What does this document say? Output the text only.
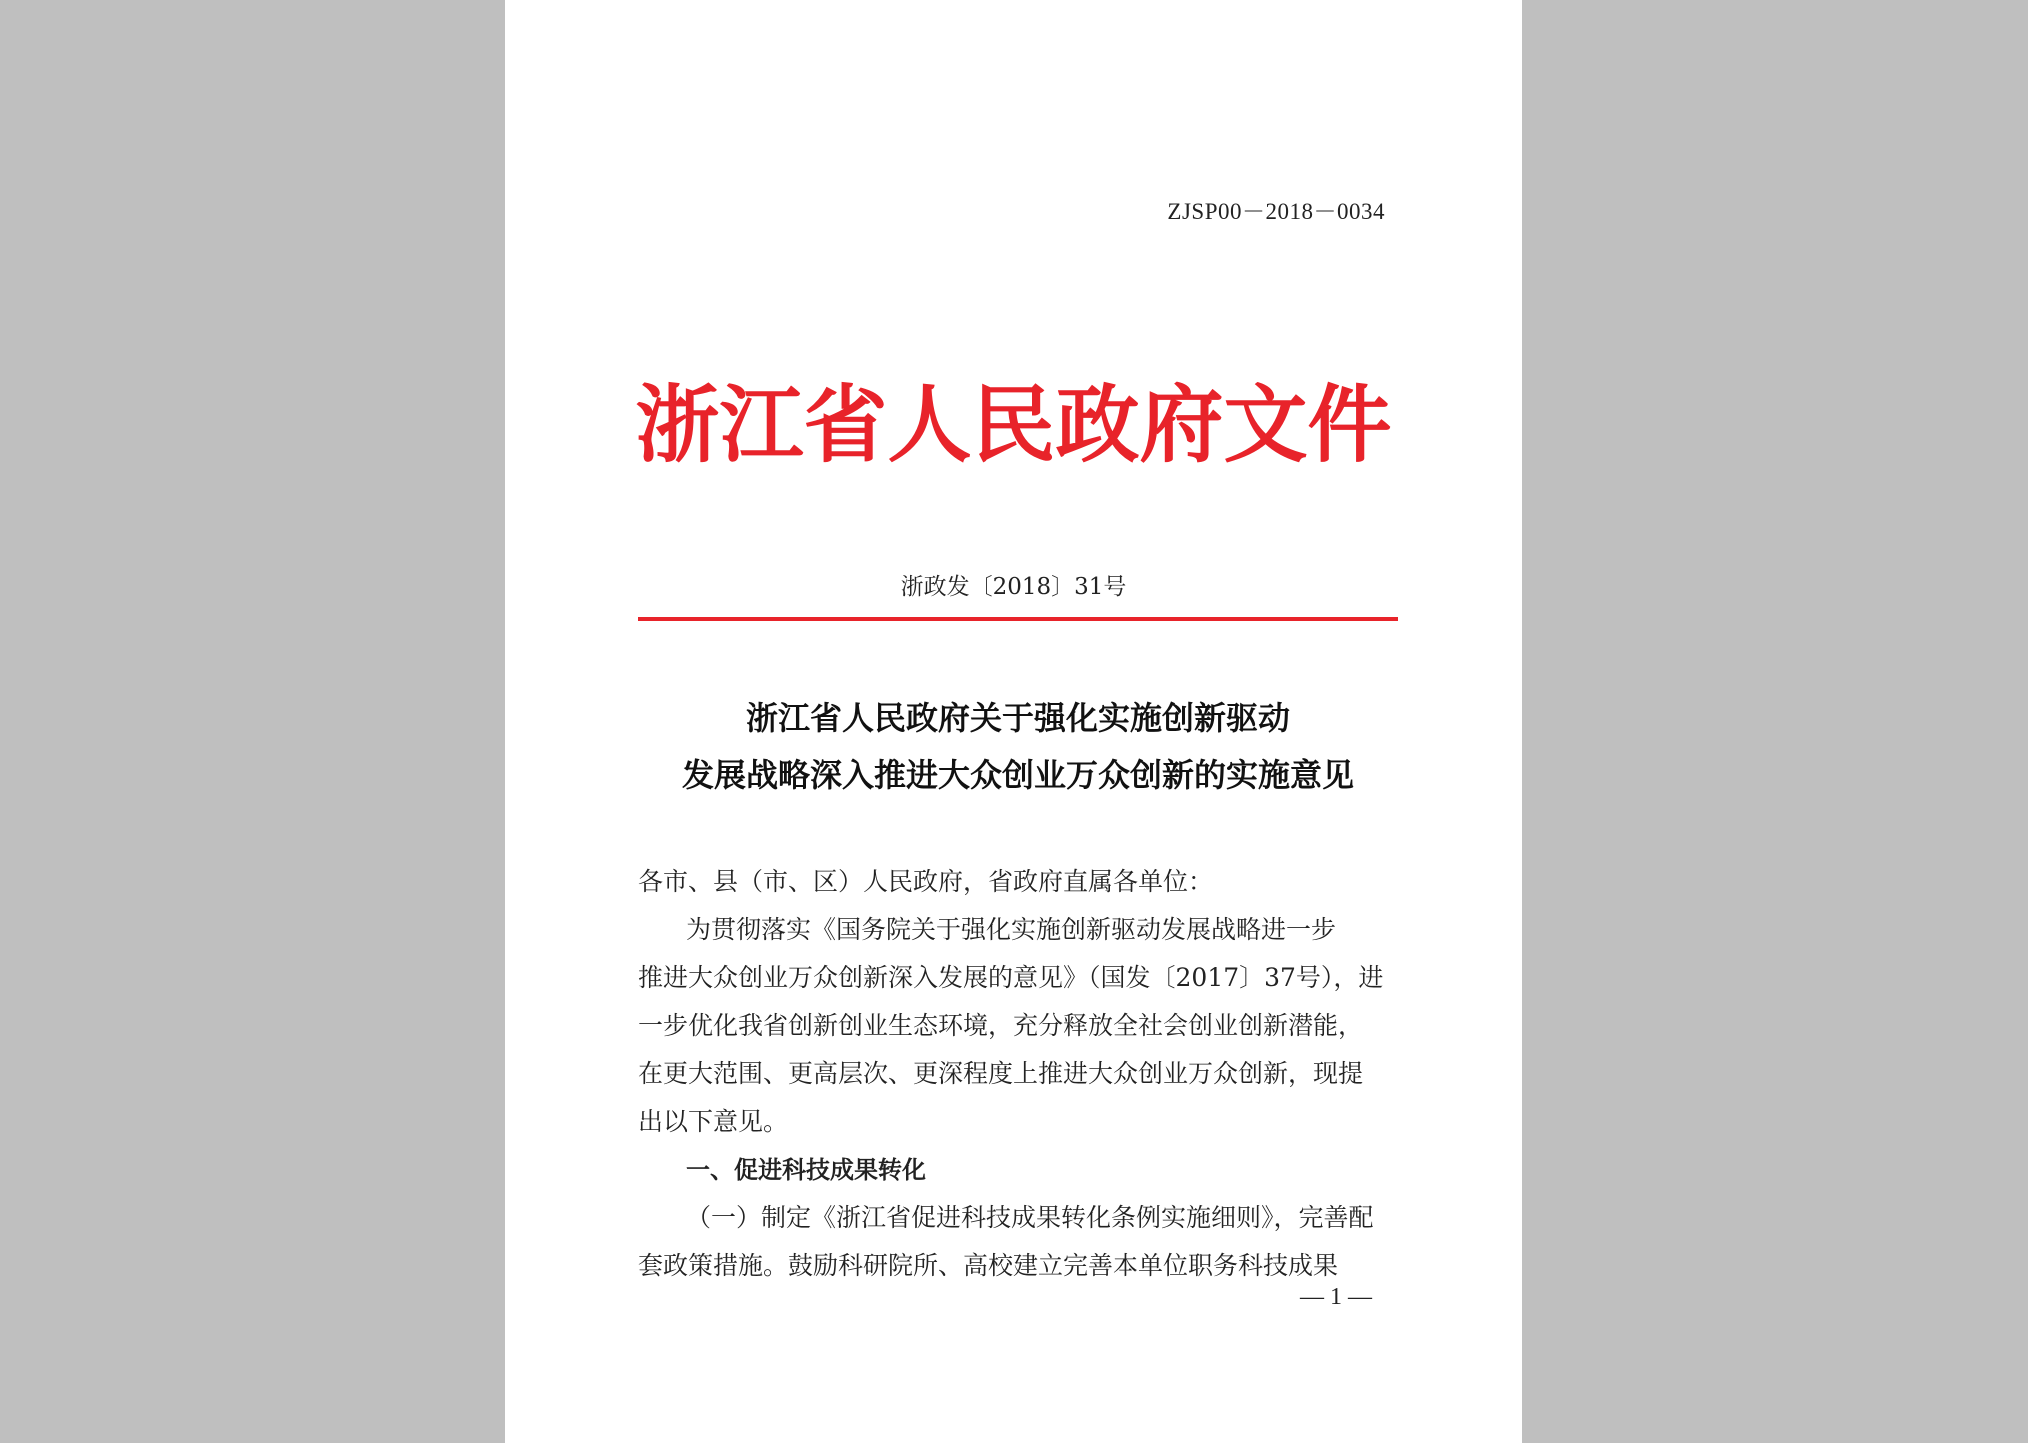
ZJSP00－2018－0034
浙江省人民政府文件
浙政发〔2018〕31号
浙江省人民政府关于强化实施创新驱动
发展战略深入推进大众创业万众创新的实施意见

各市、县（市、区）人民政府，省政府直属各单位：

为贯彻落实《国务院关于强化实施创新驱动发展战略进一步

推进大众创业万众创新深入发展的意见》（国发〔2017〕37号），进

一步优化我省创新创业生态环境，充分释放全社会创业创新潜能，

在更大范围、更高层次、更深程度上推进大众创业万众创新，现提

出以下意见。

一、促进科技成果转化

（一）制定《浙江省促进科技成果转化条例实施细则》，完善配

套政策措施。鼓励科研院所、高校建立完善本单位职务科技成果

— 1 —
